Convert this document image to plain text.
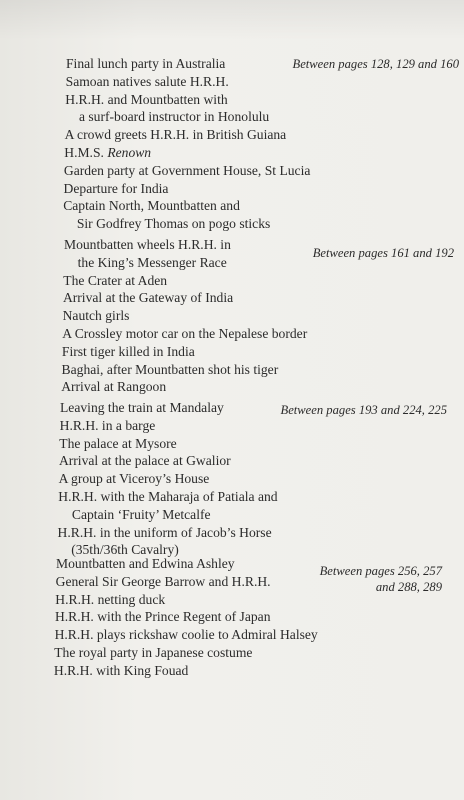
Final lunch party in Australia
Samoan natives salute H.R.H.
H.R.H. and Mountbatten with
a surf-board instructor in Honolulu
A crowd greets H.R.H. in British Guiana
H.M.S. Renown
Garden party at Government House, St Lucia
Departure for India
Captain North, Mountbatten and
Sir Godfrey Thomas on pogo sticks
Between pages 128, 129 and 160
Mountbatten wheels H.R.H. in
the King’s Messenger Race
The Crater at Aden
Arrival at the Gateway of India
Nautch girls
A Crossley motor car on the Nepalese border
First tiger killed in India
Baghai, after Mountbatten shot his tiger
Arrival at Rangoon
Between pages 161 and 192
Leaving the train at Mandalay
H.R.H. in a barge
The palace at Mysore
Arrival at the palace at Gwalior
A group at Viceroy’s House
H.R.H. with the Maharaja of Patiala and
Captain ‘Fruity’ Metcalfe
H.R.H. in the uniform of Jacob’s Horse
(35th/36th Cavalry)
Between pages 193 and 224, 225
Mountbatten and Edwina Ashley
General Sir George Barrow and H.R.H.
H.R.H. netting duck
H.R.H. with the Prince Regent of Japan
H.R.H. plays rickshaw coolie to Admiral Halsey
The royal party in Japanese costume
H.R.H. with King Fouad
Between pages 256, 257
and 288, 289
